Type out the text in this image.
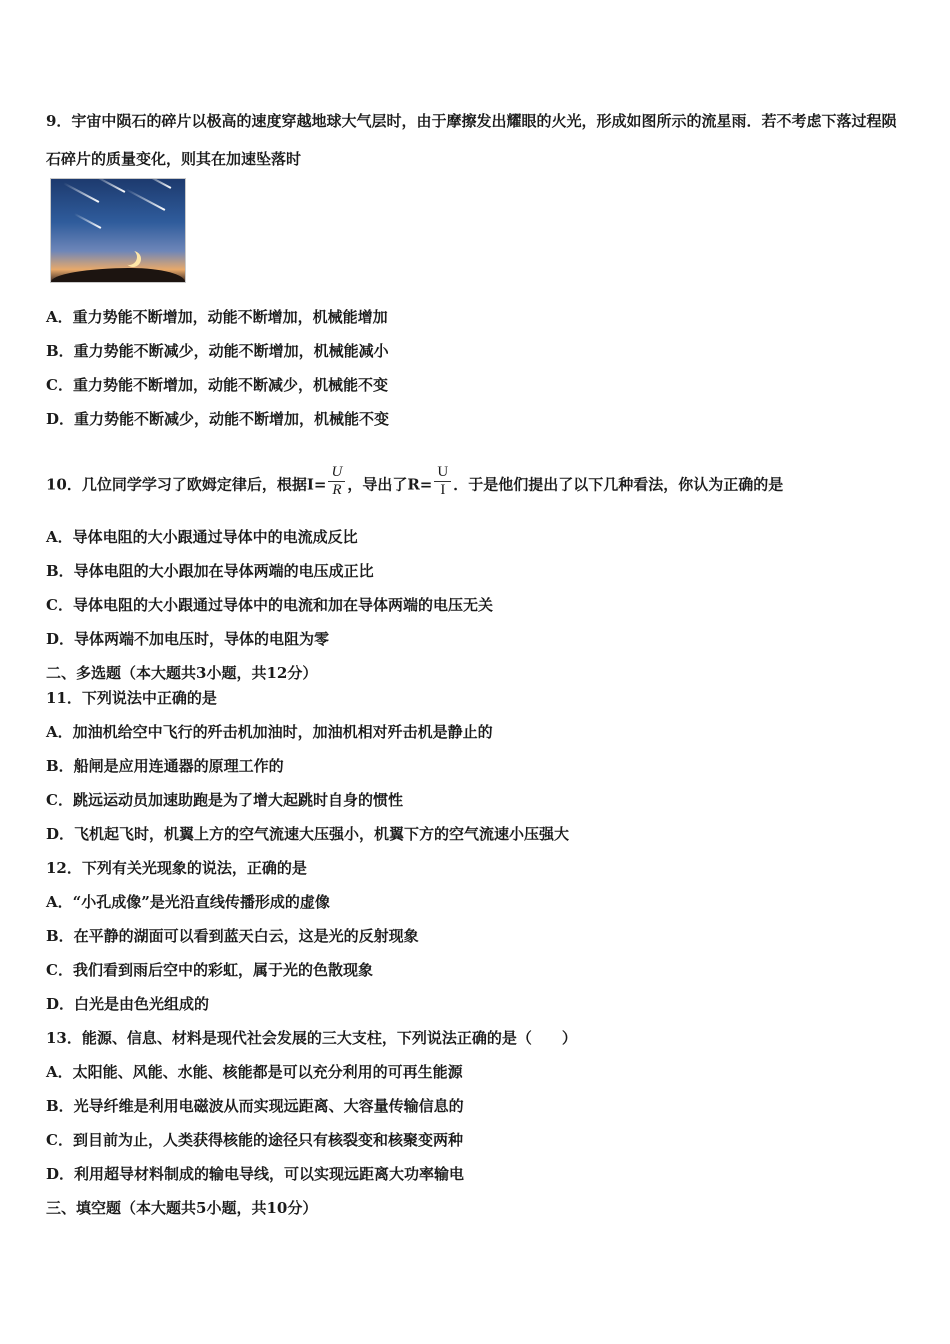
9．宇宙中陨石的碎片以极高的速度穿越地球大气层时，由于摩擦发出耀眼的火光，形成如图所示的流星雨．若不考虑下落过程陨石碎片的质量变化，则其在加速坠落时
A．重力势能不断增加，动能不断增加，机械能增加
B．重力势能不断减少，动能不断增加，机械能减小
C．重力势能不断增加，动能不断减少，机械能不变
D．重力势能不断减少，动能不断增加，机械能不变
10．几位同学学习了欧姆定律后，根据$I= \frac{U}{R}$ ，导出了$R= \frac{U}{I}$ ．于是他们提出了以下几种看法，你认为正确的是
A．导体电阻的大小跟通过导体中的电流成反比
B．导体电阻的大小跟加在导体两端的电压成正比
C．导体电阻的大小跟通过导体中的电流和加在导体两端的电压无关
D．导体两端不加电压时，导体的电阻为零
二、多选题（本大题共3小题，共12分）
11．下列说法中正确的是
A．加油机给空中飞行的歼击机加油时，加油机相对歼击机是静止的
B．船闸是应用连通器的原理工作的
C．跳远运动员加速助跑是为了增大起跳时自身的惯性
D．飞机起飞时，机翼上方的空气流速大压强小，机翼下方的空气流速小压强大
12．下列有关光现象的说法，正确的是
A．“小孔成像”是光沿直线传播形成的虚像
B．在平静的湖面可以看到蓝天白云，这是光的反射现象
C．我们看到雨后空中的彩虹，属于光的色散现象
D．白光是由色光组成的
13．能源、信息、材料是现代社会发展的三大支柱，下列说法正确的是（　　）
A．太阳能、风能、水能、核能都是可以充分利用的可再生能源
B．光导纤维是利用电磁波从而实现远距离、大容量传输信息的
C．到目前为止，人类获得核能的途径只有核裂变和核聚变两种
D．利用超导材料制成的输电导线，可以实现远距离大功率输电
三、填空题（本大题共5小题，共10分）
